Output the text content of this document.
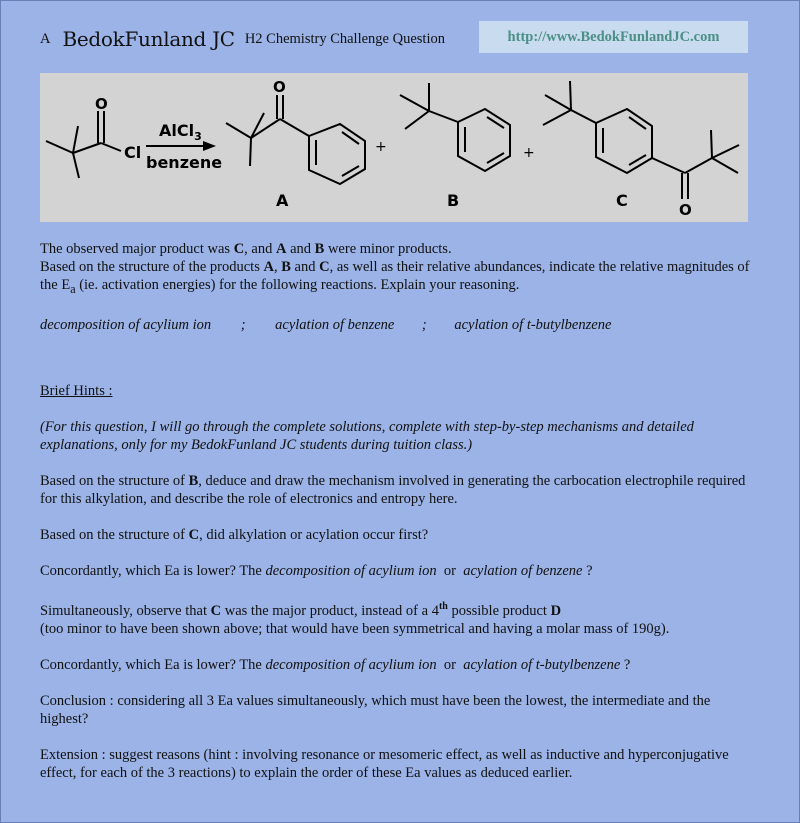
A BedokFunland JC H2 Chemistry Challenge Question	http://www.BedokFunlandJC.com
O
Cl
AlCl$_3$
benzene
O
A
+
B
+
C	O

The observed major product was C, and A and B were minor products.

Based on the structure of the products A, B and C, as well as their relative abundances, indicate the relative magnitudes of the $E_a$ (ie. activation energies) for the following reactions. Explain your reasoning.

decomposition of acylium ion ; acylation of benzene ; acylation of t-butylbenzene

Brief Hints :

(For this question, I will go through the complete solutions, complete with step-by-step mechanisms and detailed explanations, only for my BedokFunland JC students during tuition class.)

Based on the structure of B, deduce and draw the mechanism involved in generating the carbocation electrophile required for this alkylation, and describe the role of electronics and entropy here.

Based on the structure of C, did alkylation or acylation occur first?

Concordantly, which Ea is lower? The decomposition of acylium ion or acylation of benzene ?

Simultaneously, observe that C was the major product, instead of a 4th possible product D
(too minor to have been shown above; that would have been symmetrical and having a molar mass of 190g).

Concordantly, which Ea is lower? The decomposition of acylium ion or acylation of t-butylbenzene ?

Conclusion : considering all 3 Ea values simultaneously, which must have been the lowest, the intermediate and the highest?

Extension : suggest reasons (hint : involving resonance or mesomeric effect, as well as inductive and hyperconjugative effect, for each of the 3 reactions) to explain the order of these Ea values as deduced earlier.
